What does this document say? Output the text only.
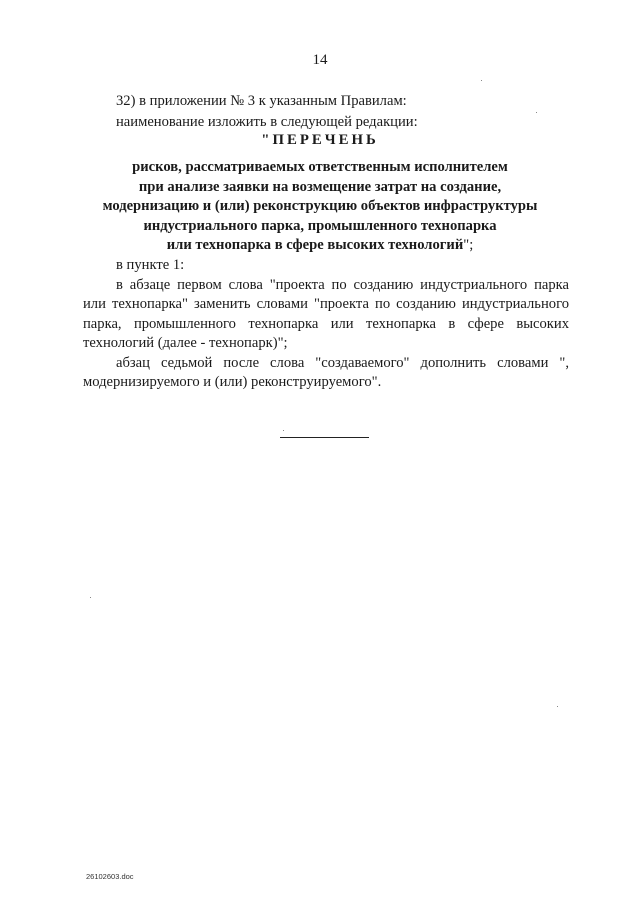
14

32) в приложении № 3 к указанным Правилам:

наименование изложить в следующей редакции:

"ПЕРЕЧЕНЬ
рисков, рассматриваемых ответственным исполнителем
при анализе заявки на возмещение затрат на создание,
модернизацию и (или) реконструкцию объектов инфраструктуры
индустриального парка, промышленного технопарка
или технопарка в сфере высоких технологий";

в пункте 1:

в абзаце первом слова "проекта по созданию индустриального парка или технопарка" заменить словами "проекта по созданию индустриального парка, промышленного технопарка или технопарка в сфере высоких технологий (далее - технопарк)";

абзац седьмой после слова "создаваемого" дополнить словами ", модернизируемого и (или) реконструируемого".

26102603.doc
